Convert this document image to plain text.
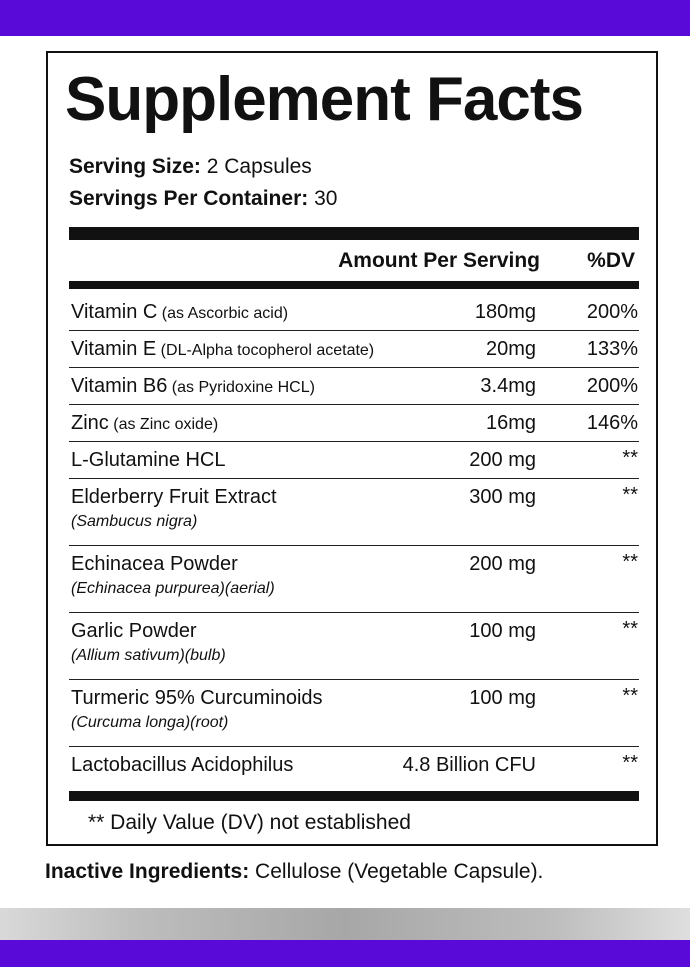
Supplement Facts
Serving Size: 2 Capsules
Servings Per Container: 30
Amount Per Serving %DV
Vitamin C (as Ascorbic acid)	180mg	200%
Vitamin E (DL-Alpha tocopherol acetate)	20mg	133%
Vitamin B6 (as Pyridoxine HCL)	3.4mg	200%
Zinc (as Zinc oxide)	16mg	146%
L-Glutamine HCL	200 mg	**
Elderberry Fruit Extract
(Sambucus nigra)
300 mg	**
Echinacea Powder
(Echinacea purpurea)(aerial)
200 mg	**
Garlic Powder
(Allium sativum)(bulb)
100 mg	**
Turmeric 95% Curcuminoids
(Curcuma longa)(root)
100 mg	**
Lactobacillus Acidophilus	4.8 Billion CFU	**
** Daily Value (DV) not established
Inactive Ingredients: Cellulose (Vegetable Capsule).
